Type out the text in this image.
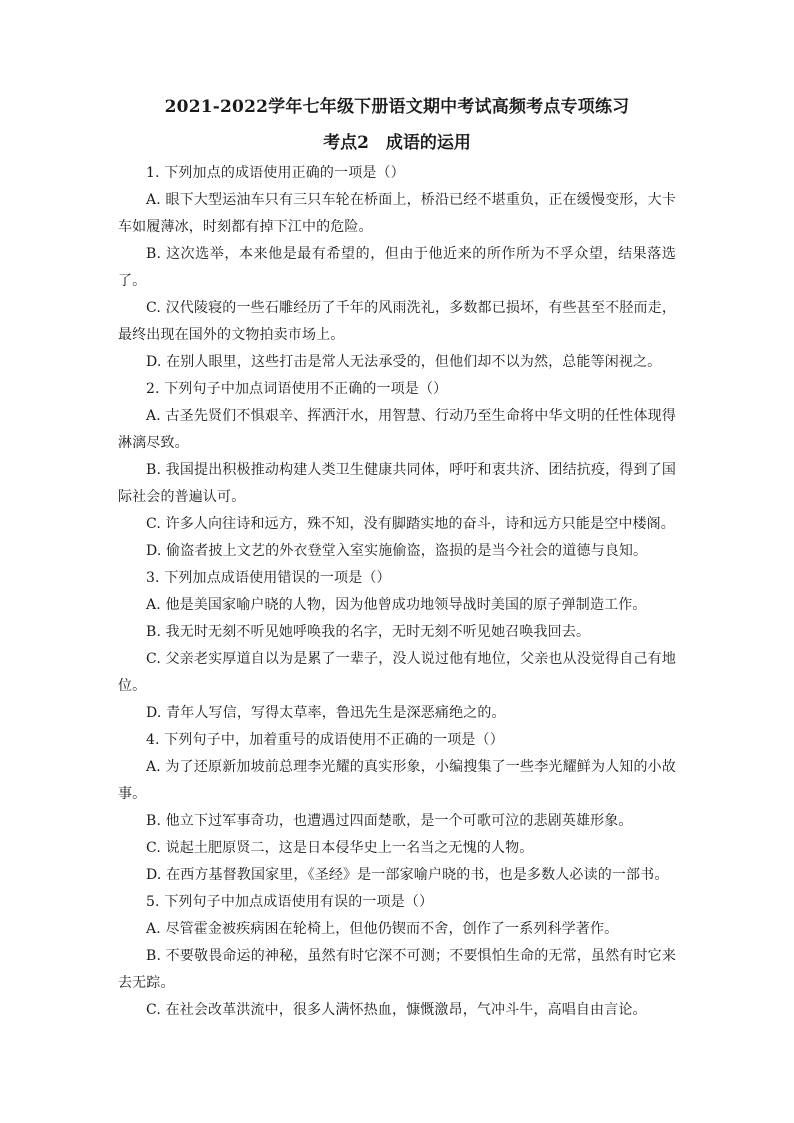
2021-2022学年七年级下册语文期中考试高频考点专项练习
考点2　成语的运用

1. 下列加点的成语使用正确的一项是（）

A. 眼下大型运油车只有三只车轮在桥面上，桥沿已经不堪重负，正在缓慢变形，大卡车如履薄冰，时刻都有掉下江中的危险。

B. 这次选举，本来他是最有希望的，但由于他近来的所作所为不孚众望，结果落选了。

C. 汉代陵寝的一些石雕经历了千年的风雨洗礼，多数都已损坏，有些甚至不胫而走，最终出现在国外的文物拍卖市场上。

D. 在别人眼里，这些打击是常人无法承受的，但他们却不以为然，总能等闲视之。

2. 下列句子中加点词语使用不正确的一项是（）

A. 古圣先贤们不惧艰辛、挥洒汗水，用智慧、行动乃至生命将中华文明的任性体现得淋漓尽致。

B. 我国提出积极推动构建人类卫生健康共同体，呼吁和衷共济、团结抗疫，得到了国际社会的普遍认可。

C. 许多人向往诗和远方，殊不知，没有脚踏实地的奋斗，诗和远方只能是空中楼阁。

D. 偷盗者披上文艺的外衣登堂入室实施偷盗，盗损的是当今社会的道德与良知。

3. 下列加点成语使用错误的一项是（）

A. 他是美国家喻户晓的人物，因为他曾成功地领导战时美国的原子弹制造工作。

B. 我无时无刻不听见她呼唤我的名字，无时无刻不听见她召唤我回去。

C. 父亲老实厚道自以为是累了一辈子，没人说过他有地位，父亲也从没觉得自己有地位。

D. 青年人写信，写得太草率，鲁迅先生是深恶痛绝之的。

4. 下列句子中，加着重号的成语使用不正确的一项是（）

A. 为了还原新加坡前总理李光耀的真实形象，小编搜集了一些李光耀鲜为人知的小故事。

B. 他立下过军事奇功，也遭遇过四面楚歌，是一个可歌可泣的悲剧英雄形象。

C. 说起土肥原贤二，这是日本侵华史上一名当之无愧的人物。

D. 在西方基督教国家里，《圣经》是一部家喻户晓的书，也是多数人必读的一部书。

5. 下列句子中加点成语使用有误的一项是（）

A. 尽管霍金被疾病困在轮椅上，但他仍锲而不舍，创作了一系列科学著作。

B. 不要敬畏命运的神秘，虽然有时它深不可测；不要惧怕生命的无常，虽然有时它来去无踪。

C. 在社会改革洪流中，很多人满怀热血，慷慨激昂，气冲斗牛，高唱自由言论。
